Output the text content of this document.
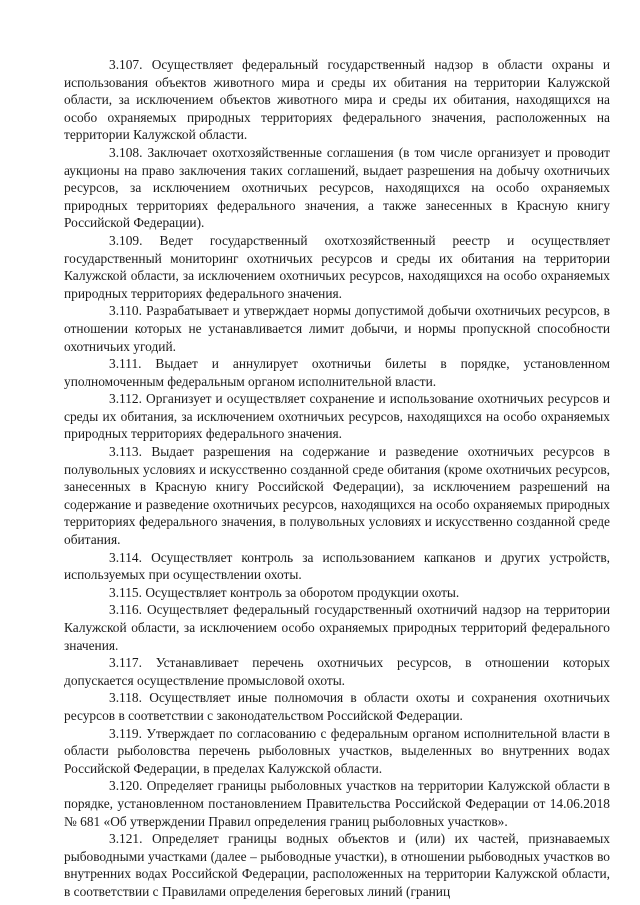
3.107. Осуществляет федеральный государственный надзор в области охраны и использования объектов животного мира и среды их обитания на территории Калужской области, за исключением объектов животного мира и среды их обитания, находящихся на особо охраняемых природных территориях федерального значения, расположенных на территории Калужской области.

3.108. Заключает охотхозяйственные соглашения (в том числе организует и проводит аукционы на право заключения таких соглашений, выдает разрешения на добычу охотничьих ресурсов, за исключением охотничьих ресурсов, находящихся на особо охраняемых природных территориях федерального значения, а также занесенных в Красную книгу Российской Федерации).

3.109. Ведет государственный охотхозяйственный реестр и осуществляет государственный мониторинг охотничьих ресурсов и среды их обитания на территории Калужской области, за исключением охотничьих ресурсов, находящихся на особо охраняемых природных территориях федерального значения.

3.110. Разрабатывает и утверждает нормы допустимой добычи охотничьих ресурсов, в отношении которых не устанавливается лимит добычи, и нормы пропускной способности охотничьих угодий.

3.111. Выдает и аннулирует охотничьи билеты в порядке, установленном уполномоченным федеральным органом исполнительной власти.

3.112. Организует и осуществляет сохранение и использование охотничьих ресурсов и среды их обитания, за исключением охотничьих ресурсов, находящихся на особо охраняемых природных территориях федерального значения.

3.113. Выдает разрешения на содержание и разведение охотничьих ресурсов в полувольных условиях и искусственно созданной среде обитания (кроме охотничьих ресурсов, занесенных в Красную книгу Российской Федерации), за исключением разрешений на содержание и разведение охотничьих ресурсов, находящихся на особо охраняемых природных территориях федерального значения, в полувольных условиях и искусственно созданной среде обитания.

3.114. Осуществляет контроль за использованием капканов и других устройств, используемых при осуществлении охоты.

3.115. Осуществляет контроль за оборотом продукции охоты.

3.116. Осуществляет федеральный государственный охотничий надзор на территории Калужской области, за исключением особо охраняемых природных территорий федерального значения.

3.117. Устанавливает перечень охотничьих ресурсов, в отношении которых допускается осуществление промысловой охоты.

3.118. Осуществляет иные полномочия в области охоты и сохранения охотничьих ресурсов в соответствии с законодательством Российской Федерации.

3.119. Утверждает по согласованию с федеральным органом исполнительной власти в области рыболовства перечень рыболовных участков, выделенных во внутренних водах Российской Федерации, в пределах Калужской области.

3.120. Определяет границы рыболовных участков на территории Калужской области в порядке, установленном постановлением Правительства Российской Федерации от 14.06.2018 № 681 «Об утверждении Правил определения границ рыболовных участков».

3.121. Определяет границы водных объектов и (или) их частей, признаваемых рыбоводными участками (далее – рыбоводные участки), в отношении рыбоводных участков во внутренних водах Российской Федерации, расположенных на территории Калужской области, в соответствии с Правилами определения береговых линий (границ
